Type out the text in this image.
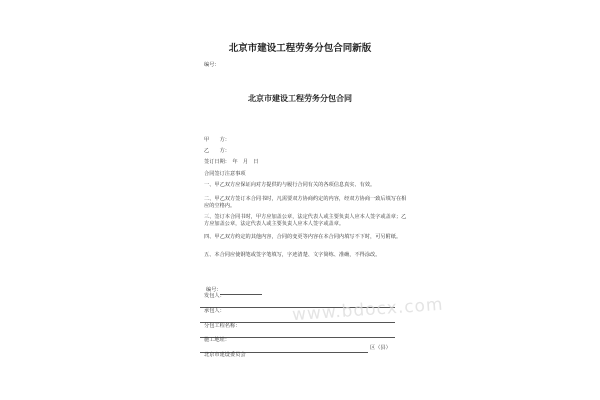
北京市建设工程劳务分包合同新版
编号：
北京市建设工程劳务分包合同
甲　　方：
乙　　方：
签订日期：　年　月　日
合同签订注意事项
一、甲乙双方应保证向对方提供的与履行合同有关的各项信息真实、有效。
二、甲乙双方签订本合同书时，凡需要双方协商约定的内容，经双方协商一致后填写在相应的空格内。
三、签订本合同书时，甲方应加盖公章，法定代表人或主要负责人应本人签字或盖章；乙方应加盖公章，法定代表人或主要负责人应本人签字或盖章。
四、甲乙双方约定的其他内容，合同的变更等内容在本合同内填写不下时，可另附纸。
五、本合同应使钢笔或签字笔填写，字迹清楚、文字简练、准确，不得涂改。
编号：
发包人：
承包人：
分包工程名称：
施工地址：
区（县）
北京市建设委员会
www.bdocx.com
